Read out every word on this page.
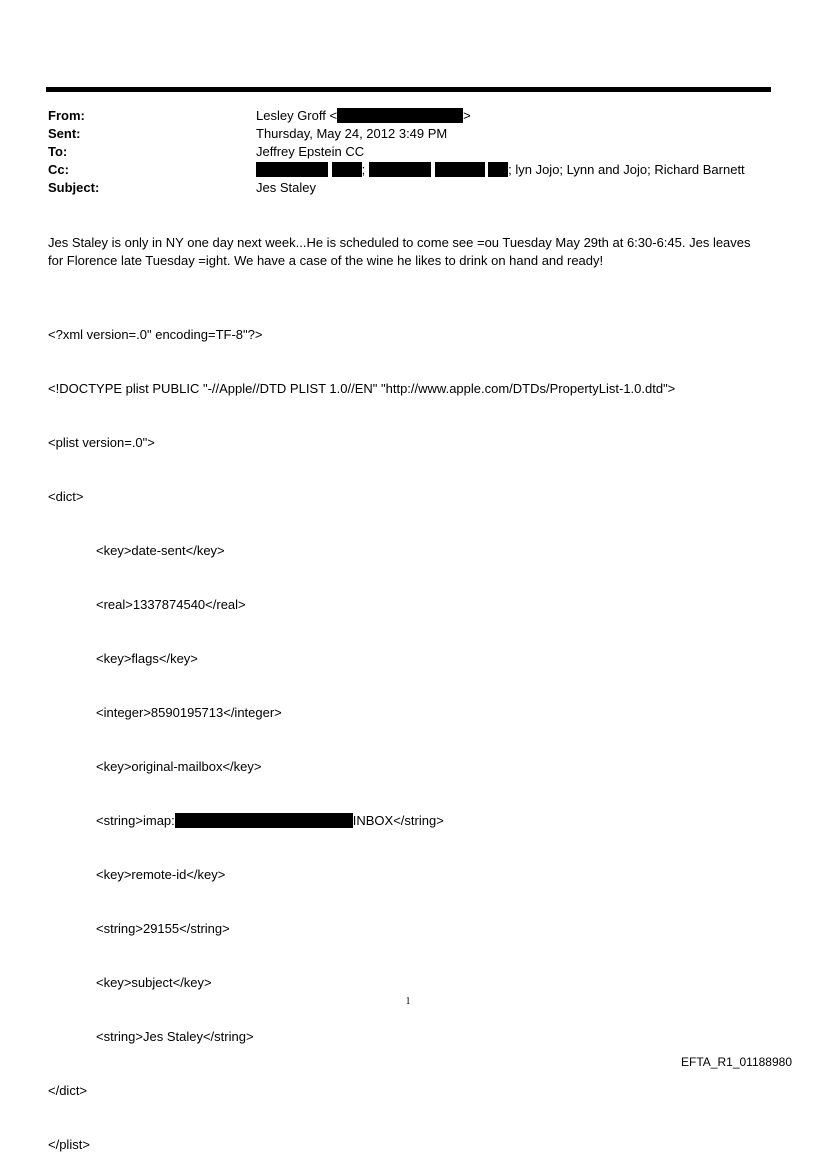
From:	Lesley Groff <	>
Sent:	Thursday, May 24, 2012 3:49 PM
To:	Jeffrey Epstein CC
Cc:	;	; lyn Jojo; Lynn and Jojo; Richard Barnett
Subject:	Jes Staley

Jes Staley is only in NY one day next week...He is scheduled to come see =ou Tuesday May 29th at 6:30-6:45. Jes leaves

for Florence late Tuesday =ight. We have a case of the wine he likes to drink on hand and ready!

<?xml version=.0" encoding=TF-8"?>

<!DOCTYPE plist PUBLIC "-//Apple//DTD PLIST 1.0//EN" "http://www.apple.com/DTDs/PropertyList-1.0.dtd">

<plist version=.0">

<dict>

<key>date-sent</key>

<real>1337874540</real>

<key>flags</key>

<integer>8590195713</integer>

<key>original-mailbox</key>

<string>imap:	INBOX</string>

<key>remote-id</key>

<string>29155</string>

<key>subject</key>

<string>Jes Staley</string>

</dict>

</plist>

1
EFTA_R1_01188980
